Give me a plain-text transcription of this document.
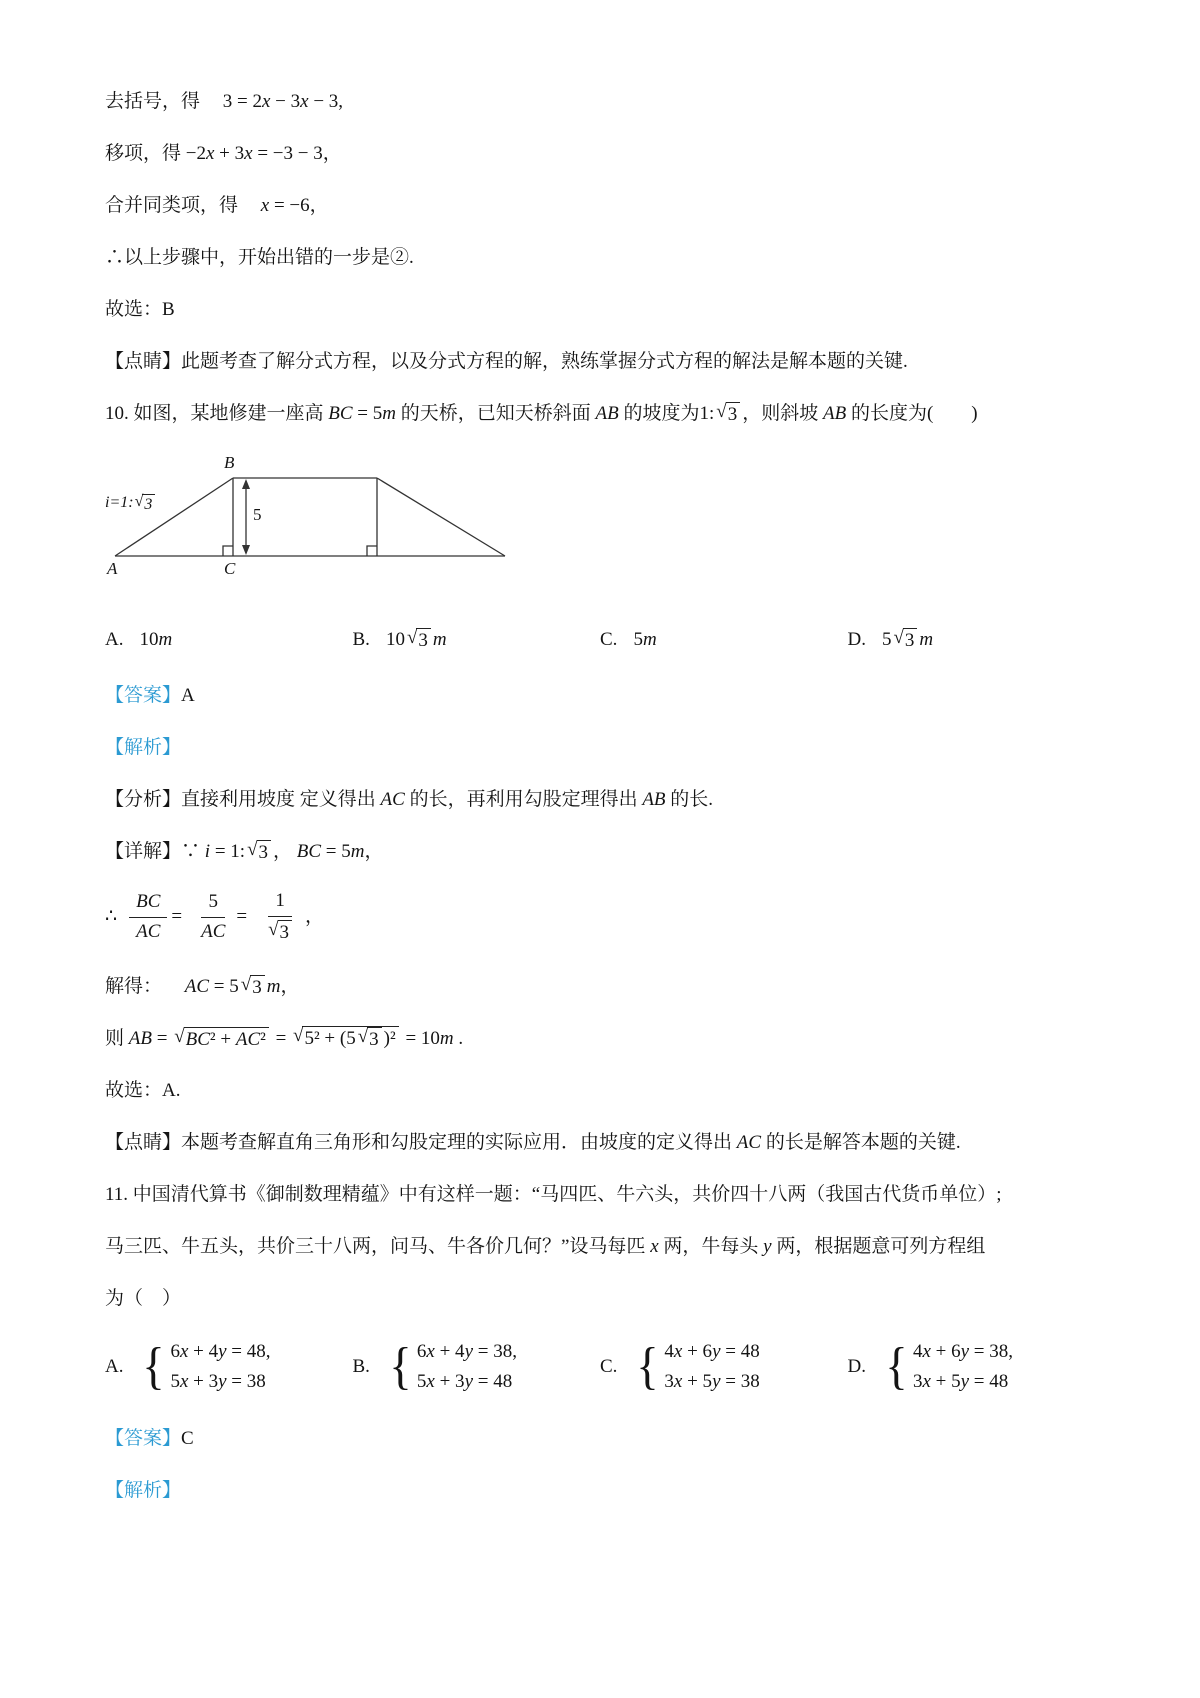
去括号，得 3 = 2x − 3x − 3,

移项，得 −2x + 3x = −3 − 3，

合并同类项，得 x = −6，

∴以上步骤中，开始出错的一步是②.

故选：B

【点睛】此题考查了解分式方程，以及分式方程的解，熟练掌握分式方程的解法是解本题的关键.

10. 如图，某地修建一座高 BC = 5m 的天桥，已知天桥斜面 AB 的坡度为1: √ 3 ，则斜坡 AB 的长度为(　　)

B
A	C
5
i=1: √ 3
A. 10m	B. 10 √ 3 m	C. 5m	D. 5 √ 3 m

【答案】A

【解析】

【分析】直接利用坡度 定义得出 AC 的长，再利用勾股定理得出 AB 的长.

【详解】∵ i = 1: √ 3 ， BC = 5m，

∴ $\frac{BC}{AC} = \frac{5}{AC} = \frac{1}{√ 3}$ ，

解得： AC = 5 √ 3 m，

则 AB = √ BC² + AC² = √ 5² + (5 √ 3 )² = 10m .

故选：A.

【点睛】本题考查解直角三角形和勾股定理的实际应用．由坡度的定义得出 AC 的长是解答本题的关键.

11. 中国清代算书《御制数理精蕴》中有这样一题：“马四匹、牛六头，共价四十八两（我国古代货币单位）;

马三匹、牛五头，共价三十八两，问马、牛各价几何？”设马每匹 x 两，牛每头 y 两，根据题意可列方程组

为（　）

A. { 6x + 4y = 48,
5x + 3y = 38
B. { 6x + 4y = 38,
5x + 3y = 48
C. { 4x + 6y = 48
3x + 5y = 38
D. { 4x + 6y = 38,
3x + 5y = 48

【答案】C

【解析】
